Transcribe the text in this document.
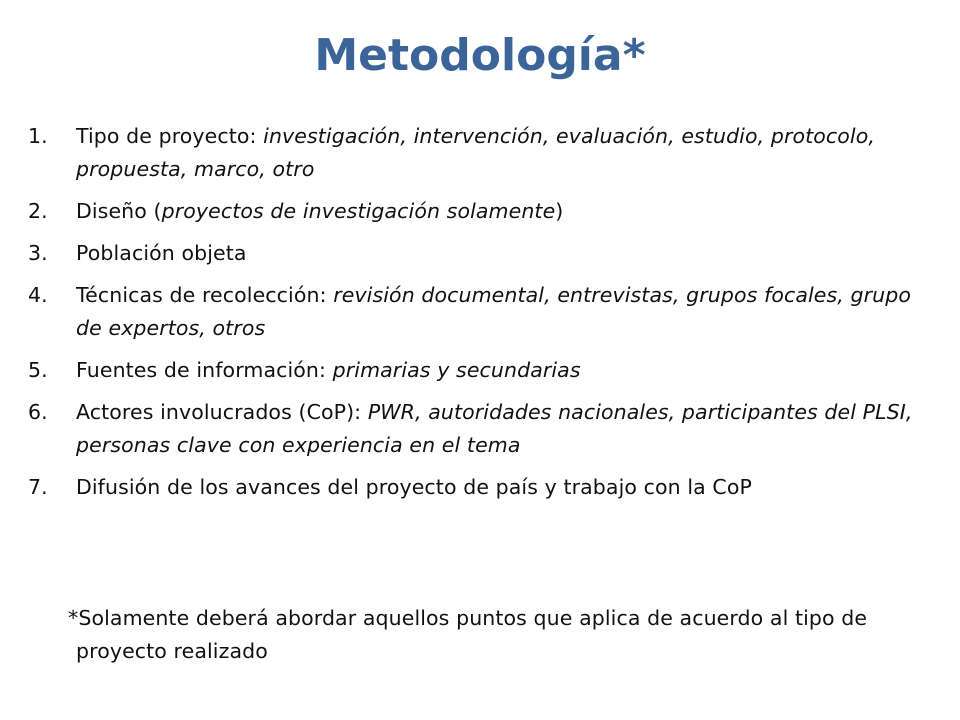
Metodología*
1.	Tipo de proyecto: investigación, intervención, evaluación, estudio, protocolo, propuesta, marco, otro
2.	Diseño (proyectos de investigación solamente)
3.	Población objeta
4.	Técnicas de recolección: revisión documental, entrevistas, grupos focales, grupo de expertos, otros
5.	Fuentes de información: primarias y secundarias
6.	Actores involucrados (CoP): PWR, autoridades nacionales, participantes del PLSI, personas clave con experiencia en el tema
7.	Difusión de los avances del proyecto de país y trabajo con la CoP
*Solamente deberá abordar aquellos puntos que aplica de acuerdo al tipo de proyecto realizado
